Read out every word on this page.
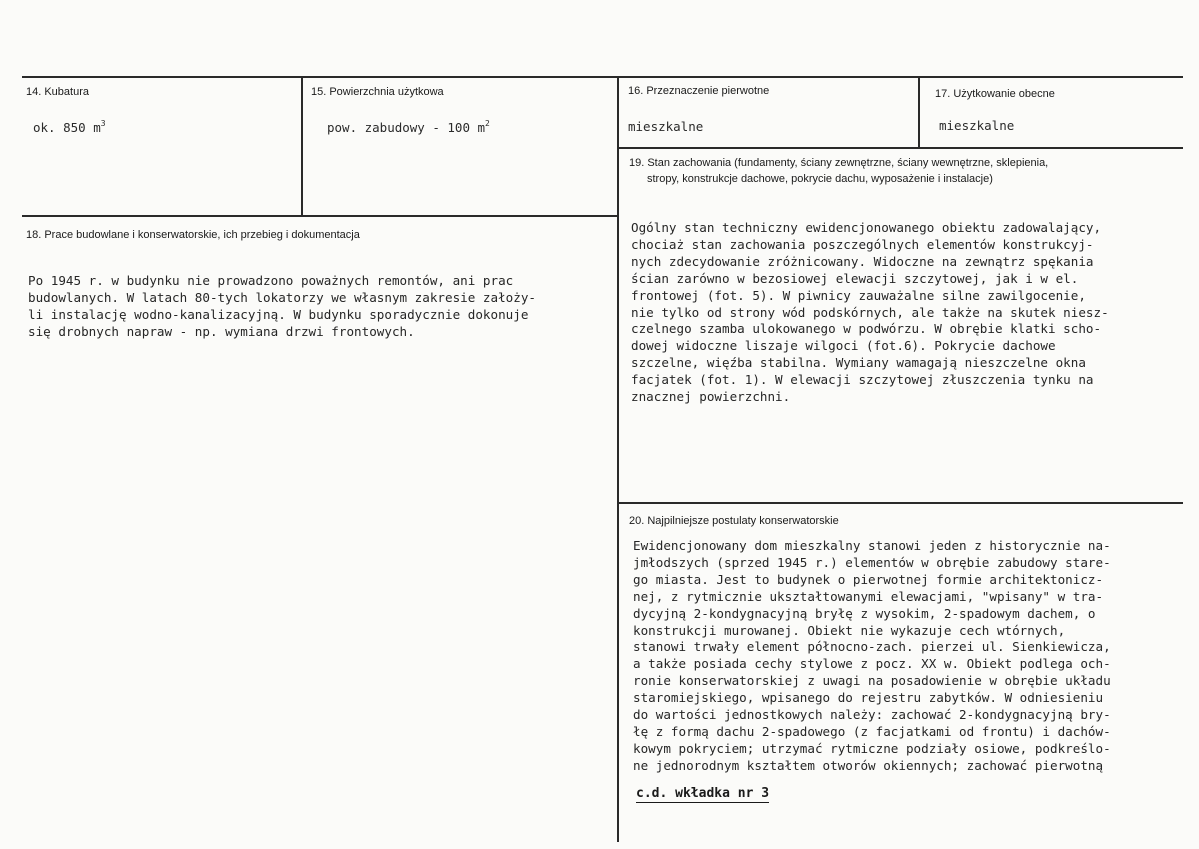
14. Kubatura
ok. 850 $m^3$
15. Powierzchnia użytkowa
pow. zabudowy - 100 $m^2$
16. Przeznaczenie pierwotne
mieszkalne
17. Użytkowanie obecne
mieszkalne
19. Stan zachowania (fundamenty, ściany zewnętrzne, ściany wewnętrzne, sklepienia,
stropy, konstrukcje dachowe, pokrycie dachu, wyposażenie i instalacje)
Ogólny stan techniczny ewidencjonowanego obiektu zadowalający,
chociaż stan zachowania poszczególnych elementów konstrukcyj-
nych zdecydowanie zróżnicowany. Widoczne na zewnątrz spękania
ścian zarówno w bezosiowej elewacji szczytowej, jak i w el.
frontowej (fot. 5). W piwnicy zauważalne silne zawilgocenie,
nie tylko od strony wód podskórnych, ale także na skutek niesz-
czelnego szamba ulokowanego w podwórzu. W obrębie klatki scho-
dowej widoczne liszaje wilgoci (fot.6). Pokrycie dachowe
szczelne, więźba stabilna. Wymiany wamagają nieszczelne okna
facjatek (fot. 1). W elewacji szczytowej złuszczenia tynku na
znacznej powierzchni.
18. Prace budowlane i konserwatorskie, ich przebieg i dokumentacja
Po 1945 r. w budynku nie prowadzono poważnych remontów, ani prac
budowlanych. W latach 80-tych lokatorzy we własnym zakresie założy-
li instalację wodno-kanalizacyjną. W budynku sporadycznie dokonuje
się drobnych napraw - np. wymiana drzwi frontowych.
20. Najpilniejsze postulaty konserwatorskie
Ewidencjonowany dom mieszkalny stanowi jeden z historycznie na-
jmłodszych (sprzed 1945 r.) elementów w obrębie zabudowy stare-
go miasta. Jest to budynek o pierwotnej formie architektonicz-
nej, z rytmicznie ukształtowanymi elewacjami, "wpisany" w tra-
dycyjną 2-kondygnacyjną bryłę z wysokim, 2-spadowym dachem, o
konstrukcji murowanej. Obiekt nie wykazuje cech wtórnych,
stanowi trwały element północno-zach. pierzei ul. Sienkiewicza,
a także posiada cechy stylowe z pocz. XX w. Obiekt podlega och-
ronie konserwatorskiej z uwagi na posadowienie w obrębie układu
staromiejskiego, wpisanego do rejestru zabytków. W odniesieniu
do wartości jednostkowych należy: zachować 2-kondygnacyjną bry-
łę z formą dachu 2-spadowego (z facjatkami od frontu) i dachów-
kowym pokryciem; utrzymać rytmiczne podziały osiowe, podkreślo-
ne jednorodnym kształtem otworów okiennych; zachować pierwotną
c.d. wkładka nr 3
